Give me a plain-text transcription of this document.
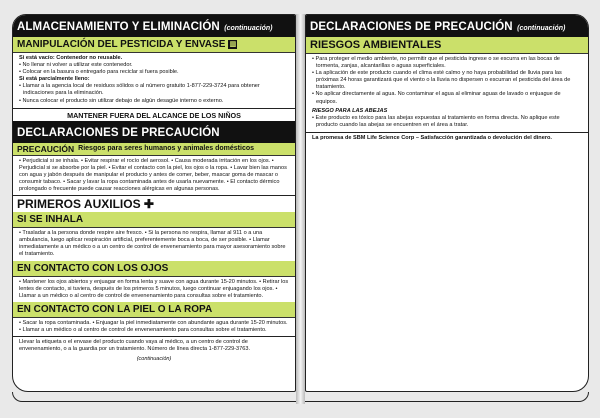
ALMACENAMIENTO Y ELIMINACIÓN (continuación)
MANIPULACIÓN DEL PESTICIDA Y ENVASE ▥
Si está vacío: Contenedor no reusable.
• No llenar ni volver a utilizar este contenedor.
• Colocar en la basura o entregarlo para reciclar si fuera posible.
Si está parcialmente lleno:
• Llamar a la agencia local de residuos sólidos o al número gratuito 1-877-229-3724 para obtener indicaciones para la eliminación.
• Nunca colocar el producto sin utilizar debajo de algún desagüe interno o externo.
MANTENER FUERA DEL ALCANCE DE LOS NIÑOS
DECLARACIONES DE PRECAUCIÓN
PRECAUCIÓN Riesgos para seres humanos y animales domésticos
• Perjudicial si se inhala. • Evitar respirar el rocío del aerosol. • Causa moderada irritación en los ojos. • Perjudicial si se absorbe por la piel. • Evitar el contacto con la piel, los ojos o la ropa. • Lavar bien las manos con agua y jabón después de manipular el producto y antes de comer, beber, mascar goma de mascar o consumir tabaco. • Sacar y lavar la ropa contaminada antes de usarla nuevamente. • El contacto dérmico prolongado o frecuente puede causar reacciones alérgicas en algunas personas.
PRIMEROS AUXILIOS ✚
SI SE INHALA
• Trasladar a la persona donde respire aire fresco. • Si la persona no respira, llamar al 911 o a una ambulancia, luego aplicar respiración artificial, preferentemente boca a boca, de ser posible. • Llamar inmediatamente a un médico o a un centro de control de envenenamiento para mayor asesoramiento sobre el tratamiento.
EN CONTACTO CON LOS OJOS
• Mantener los ojos abiertos y enjuagar en forma lenta y suave con agua durante 15-20 minutos. • Retirar los lentes de contacto, si tuviera, después de los primeros 5 minutos, luego continuar enjuagando los ojos. • Llamar a un médico o al centro de control de envenenamiento para consultas sobre el tratamiento.
EN CONTACTO CON LA PIEL O LA ROPA
• Sacar la ropa contaminada. • Enjuagar la piel inmediatamente con abundante agua durante 15-20 minutos. • Llamar a un médico o al centro de control de envenenamiento para consultas sobre el tratamiento.
Llevar la etiqueta o el envase del producto cuando vaya al médico, a un centro de control de envenenamiento, o a la guardia por un tratamiento. Número de línea directa 1-877-229-3763.
(continuación)
DECLARACIONES DE PRECAUCIÓN (continuación)
RIESGOS AMBIENTALES
• Para proteger el medio ambiente, no permitir que el pesticida ingrese o se escurra en las bocas de tormenta, zanjas, alcantarillas o aguas superficiales.
• La aplicación de este producto cuando el clima esté calmo y no haya probabilidad de lluvia para las próximas 24 horas garantizará que el viento o la lluvia no dispersen o escurran el pesticida del área de tratamiento.
• No aplicar directamente al agua. No contaminar el agua al eliminar aguas de lavado o enjuague de equipos.
RIESGO PARA LAS ABEJAS
• Este producto es tóxico para las abejas expuestas al tratamiento en forma directa. No aplique este producto cuando las abejas se encuentren en el área a tratar.
La promesa de SBM Life Science Corp – Satisfacción garantizada o devolución del dinero.
